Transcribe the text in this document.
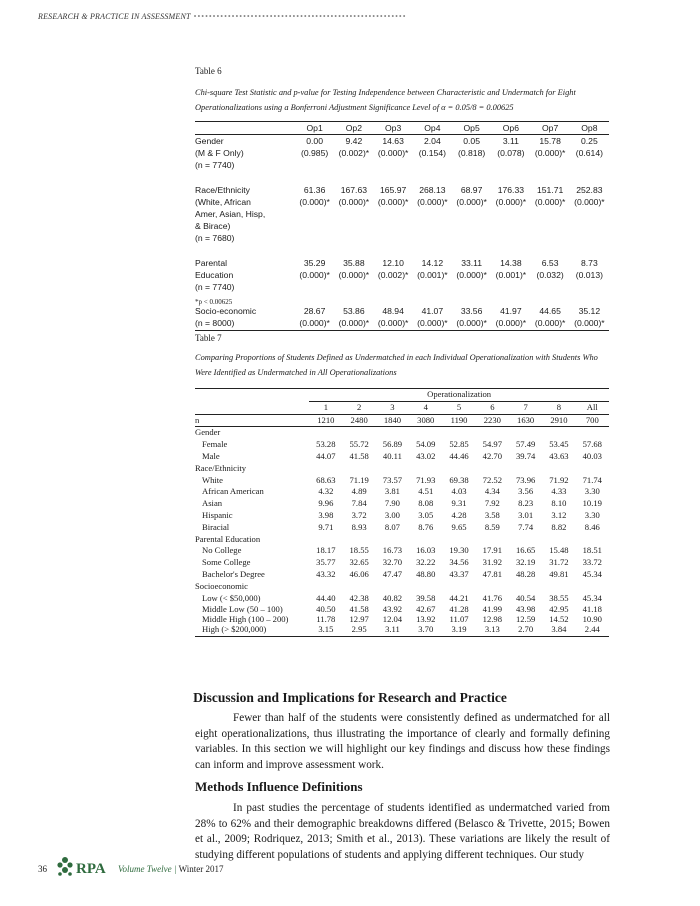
RESEARCH & PRACTICE IN ASSESSMENT ••••••••••••••••••••••••••••••••••••••••••••••••••••••••
Table 6
Chi-square Test Statistic and p-value for Testing Independence between Characteristic and Undermatch for Eight Operationalizations using a Bonferroni Adjustment Significance Level of α = 0.05/8 = 0.00625
	Op1	Op2	Op3	Op4	Op5	Op6	Op7	Op8
Gender	0.00	9.42	14.63	2.04	0.05	3.11	15.78	0.25
(M & F Only)	(0.985)	(0.002)*	(0.000)*	(0.154)	(0.818)	(0.078)	(0.000)*	(0.614)
(n = 7740)								
Race/Ethnicity	61.36	167.63	165.97	268.13	68.97	176.33	151.71	252.83
(White, African	(0.000)*	(0.000)*	(0.000)*	(0.000)*	(0.000)*	(0.000)*	(0.000)*	(0.000)*
Amer, Asian, Hisp,								
& Birace)								
(n = 7680)								
Parental	35.29	35.88	12.10	14.12	33.11	14.38	6.53	8.73
Education	(0.000)*	(0.000)*	(0.002)*	(0.001)*	(0.000)*	(0.001)*	(0.032)	(0.013)
(n = 7740)								
Socio-economic	28.67	53.86	48.94	41.07	33.56	41.97	44.65	35.12
(n = 8000)	(0.000)*	(0.000)*	(0.000)*	(0.000)*	(0.000)*	(0.000)*	(0.000)*	(0.000)*
*p < 0.00625
Table 7
Comparing Proportions of Students Defined as Undermatched in each Individual Operationalization with Students Who Were Identified as Undermatched in All Operationalizations

	Operationalization								
	1	2	3	4	5	6	7	8	All
n	1210	2480	1840	3080	1190	2230	1630	2910	700
Gender									
Female	53.28	55.72	56.89	54.09	52.85	54.97	57.49	53.45	57.68
Male	44.07	41.58	40.11	43.02	44.46	42.70	39.74	43.63	40.03
Race/Ethnicity									
White	68.63	71.19	73.57	71.93	69.38	72.52	73.96	71.92	71.74
African American	4.32	4.89	3.81	4.51	4.03	4.34	3.56	4.33	3.30
Asian	9.96	7.84	7.90	8.08	9.31	7.92	8.23	8.10	10.19
Hispanic	3.98	3.72	3.00	3.05	4.28	3.58	3.01	3.12	3.30
Biracial	9.71	8.93	8.07	8.76	9.65	8.59	7.74	8.82	8.46
Parental Education									
No College	18.17	18.55	16.73	16.03	19.30	17.91	16.65	15.48	18.51
Some College	35.77	32.65	32.70	32.22	34.56	31.92	32.19	31.72	33.72
Bachelor's Degree	43.32	46.06	47.47	48.80	43.37	47.81	48.28	49.81	45.34
Socioeconomic									
Low (< $50,000)	44.40	42.38	40.82	39.58	44.21	41.76	40.54	38.55	45.34
Middle Low (50 – 100)	40.50	41.58	43.92	42.67	41.28	41.99	43.98	42.95	41.18
Middle High (100 – 200)	11.78	12.97	12.04	13.92	11.07	12.98	12.59	14.52	10.90
High (> $200,000)	3.15	2.95	3.11	3.70	3.19	3.13	2.70	3.84	2.44
Discussion and Implications for Research and Practice
Fewer than half of the students were consistently defined as undermatched for all eight operationalizations, thus illustrating the importance of clearly and formally defining variables. In this section we will highlight our key findings and discuss how these findings can inform and improve assessment work.
Methods Influence Definitions
In past studies the percentage of students identified as undermatched varied from 28% to 62% and their demographic breakdowns differed (Belasco & Trivette, 2015; Bowen et al., 2009; Rodriquez, 2013; Smith et al., 2013). These variations are likely the result of studying different populations of students and applying different techniques. Our study
36 RPA Volume Twelve | Winter 2017
